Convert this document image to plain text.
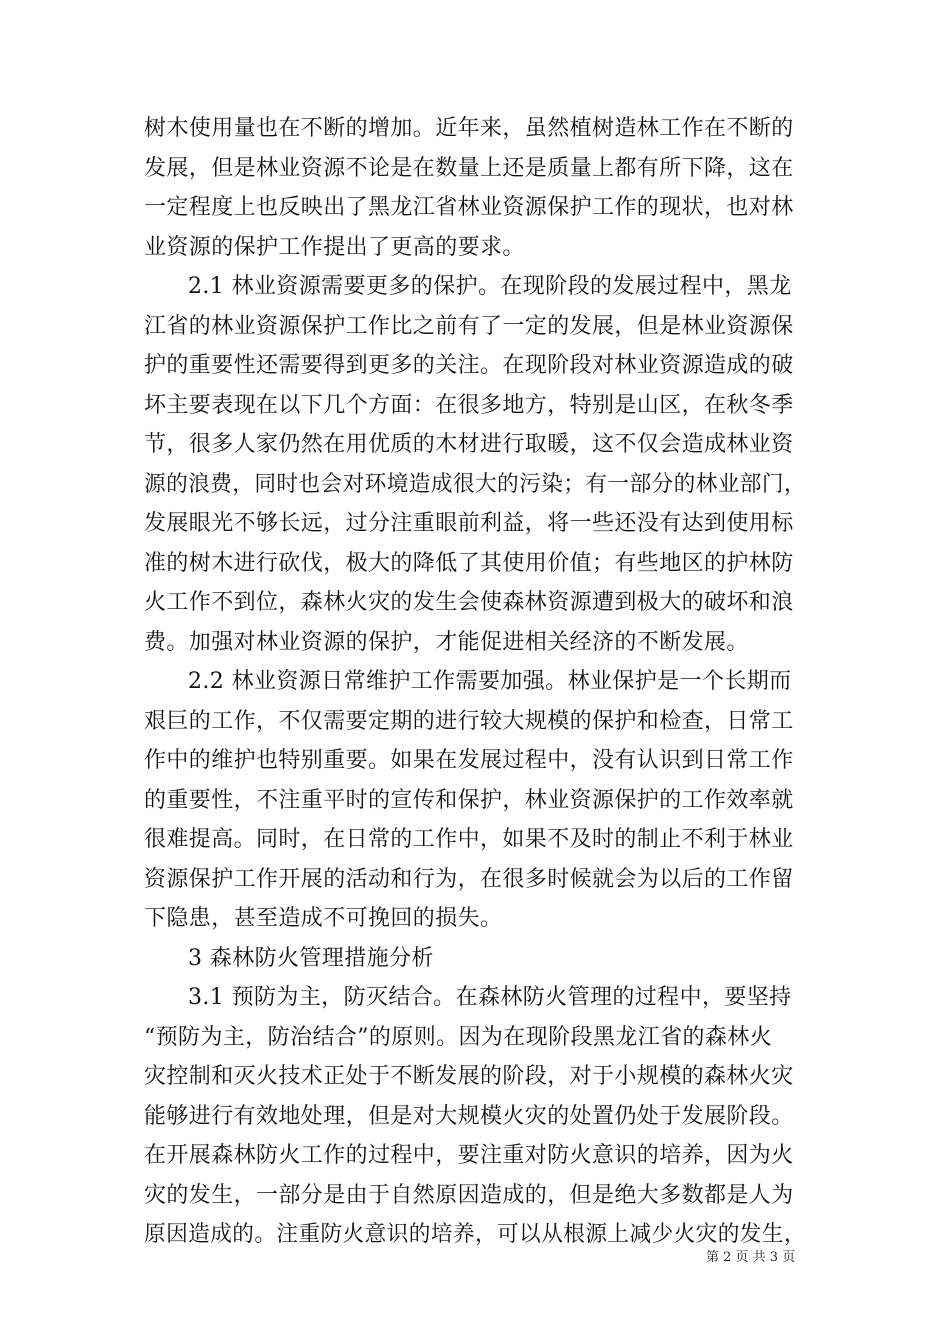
树木使用量也在不断的增加。近年来，虽然植树造林工作在不断的
发展，但是林业资源不论是在数量上还是质量上都有所下降，这在
一定程度上也反映出了黑龙江省林业资源保护工作的现状，也对林
业资源的保护工作提出了更高的要求。
2.1 林业资源需要更多的保护。在现阶段的发展过程中，黑龙
江省的林业资源保护工作比之前有了一定的发展，但是林业资源保
护的重要性还需要得到更多的关注。在现阶段对林业资源造成的破
坏主要表现在以下几个方面：在很多地方，特别是山区，在秋冬季
节，很多人家仍然在用优质的木材进行取暖，这不仅会造成林业资
源的浪费，同时也会对环境造成很大的污染；有一部分的林业部门，
发展眼光不够长远，过分注重眼前利益，将一些还没有达到使用标
准的树木进行砍伐，极大的降低了其使用价值；有些地区的护林防
火工作不到位，森林火灾的发生会使森林资源遭到极大的破坏和浪
费。加强对林业资源的保护，才能促进相关经济的不断发展。
2.2 林业资源日常维护工作需要加强。林业保护是一个长期而
艰巨的工作，不仅需要定期的进行较大规模的保护和检查，日常工
作中的维护也特别重要。如果在发展过程中，没有认识到日常工作
的重要性，不注重平时的宣传和保护，林业资源保护的工作效率就
很难提高。同时，在日常的工作中，如果不及时的制止不利于林业
资源保护工作开展的活动和行为，在很多时候就会为以后的工作留
下隐患，甚至造成不可挽回的损失。
3 森林防火管理措施分析
3.1 预防为主，防灭结合。在森林防火管理的过程中，要坚持
“预防为主，防治结合”的原则。因为在现阶段黑龙江省的森林火
灾控制和灭火技术正处于不断发展的阶段，对于小规模的森林火灾
能够进行有效地处理，但是对大规模火灾的处置仍处于发展阶段。
在开展森林防火工作的过程中，要注重对防火意识的培养，因为火
灾的发生，一部分是由于自然原因造成的，但是绝大多数都是人为
原因造成的。注重防火意识的培养，可以从根源上减少火灾的发生，
第 2 页 共 3 页
